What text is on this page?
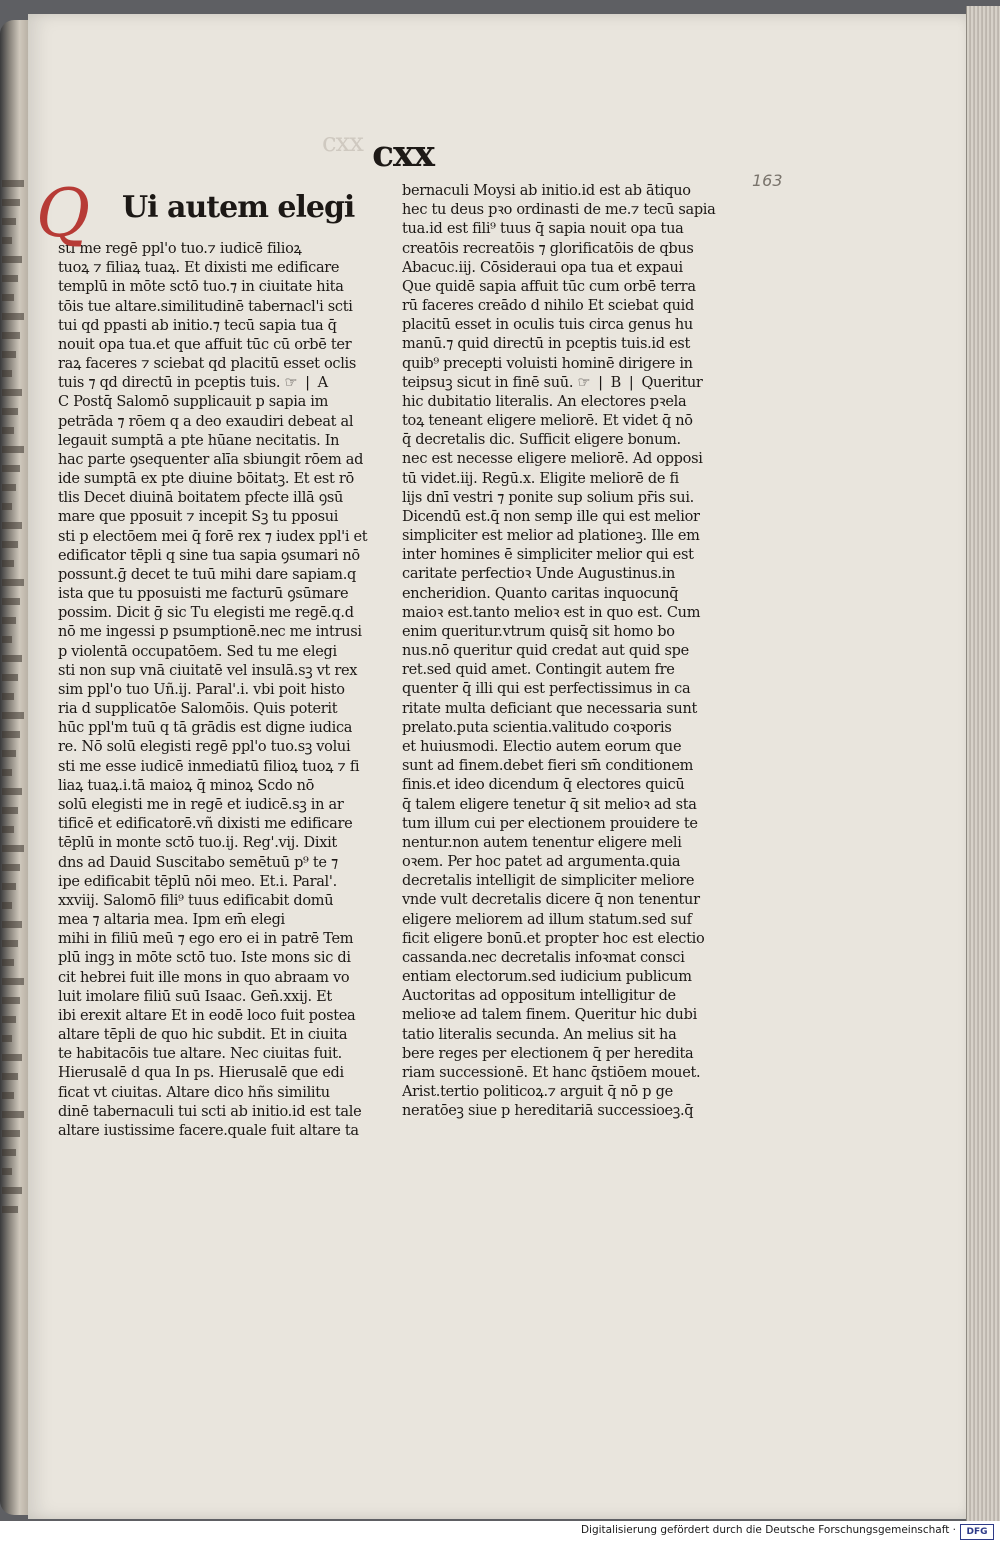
cxx cxx
163
Q	Ui autem elegi
sti me regē ppl'o tuo.⁊ iudicē filioꝝ
tuoꝝ ⁊ filiaꝝ tuaꝝ. Et dixisti me edificare
templū in mōte sctō tuo.⁊ in ciuitate hita
tōis tue altare.similitudinē tabernacl'i scti
tui qd ppasti ab initio.⁊ tecū sapia tua q̄
nouit opa tua.et que affuit tūc cū orbē ter
raꝝ faceres ⁊ sciebat qd placitū esset oclis
tuis ⁊ qd directū in pceptis tuis. ☞ ❘ A
C Postq̄ Salomō supplicauit p sapia im
petrāda ⁊ rōem q a deo exaudiri debeat al
legauit sumptā a pte hūane necitatis. In
hac parte ꝯsequenter alīa sbiungit rōem ad
ide sumptā ex pte diuine bōitatꝫ. Et est rō
tlis Decet diuinā boitatem pfecte illā ꝯsū
mare que pposuit ⁊ incepit Sꝫ tu pposui
sti p electōem mei q̄ forē rex ⁊ iudex ppl'i et
edificator tēpli q sine tua sapia ꝯsumari nō
possunt.ḡ decet te tuū mihi dare sapiam.q
ista que tu pposuisti me facturū ꝯsūmare
possim. Dicit ḡ sic Tu elegisti me regē.q.d
nō me ingessi p psumptionē.nec me intrusi
p violentā occupatōem. Sed tu me elegi
sti non sup vnā ciuitatē vel insulā.sꝫ vt rex
sim ppl'o tuo Uñ.ij. Paral'.i. vbi poit histo
ria d supplicatōe Salomōis. Quis poterit
hūc ppl'm tuū q tā grādis est digne iudica
re. Nō solū elegisti regē ppl'o tuo.sꝫ volui
sti me esse iudicē inmediatū filioꝝ tuoꝝ ⁊ fi
liaꝝ tuaꝝ.i.tā maioꝝ q̄ minoꝝ Scdo nō
solū elegisti me in regē et iudicē.sꝫ in ar
tificē et edificatorē.vñ dixisti me edificare
tēplū in monte sctō tuo.ij. Reg'.vij. Dixit
dns ad Dauid Suscitabo semētuū p⁹ te ⁊
ipe edificabit tēplū nōi meo. Et.i. Paral'.
xxviij. Salomō fili⁹ tuus edificabit domū
mea ⁊ altaria mea. Ipm em̄ elegi
mihi in filiū meū ⁊ ego ero ei in patrē Tem
plū ingꝫ in mōte sctō tuo. Iste mons sic di
cit hebrei fuit ille mons in quo abraam vo
luit imolare filiū suū Isaac. Gen̄.xxij. Et
ibi erexit altare Et in eodē loco fuit postea
altare tēpli de quo hic subdit. Et in ciuita
te habitacōis tue altare. Nec ciuitas fuit.
Hierusalē d qua In ps. Hierusalē que edi
ficat vt ciuitas. Altare dico hñs similitu
dinē tabernaculi tui scti ab initio.id est tale
altare iustissime facere.quale fuit altare ta
bernaculi Moysi ab initio.id est ab ātiquo
hec tu deus pꝛo ordinasti de me.⁊ tecū sapia
tua.id est fili⁹ tuus q̄ sapia nouit opa tua
creatōis recreatōis ⁊ glorificatōis de qbus
Abacuc.iij. Cōsideraui opa tua et expaui
Que quidē sapia affuit tūc cum orbē terra
rū faceres creādo d nihilo Et sciebat quid
placitū esset in oculis tuis circa genus hu
manū.⁊ quid directū in pceptis tuis.id est
quib⁹ precepti voluisti hominē dirigere in
teipsuꝫ sicut in finē suū. ☞ ❘ B ❘ Queritur
hic dubitatio literalis. An electores pꝛela
toꝝ teneant eligere meliorē. Et videt q̄ nō
q̄ decretalis dic. Sufficit eligere bonum.
nec est necesse eligere meliorē. Ad opposi
tū videt.iij. Regū.x. Eligite meliorē de fi
lijs dnī vestri ⁊ ponite sup solium pr̄is sui.
Dicendū est.q̄ non semp ille qui est melior
simpliciter est melior ad plationeꝫ. Ille em
inter homines ē simpliciter melior qui est
caritate perfectioꝛ Unde Augustinus.in
encheridion. Quanto caritas inquocunq̄
maioꝛ est.tanto melioꝛ est in quo est. Cum
enim queritur.vtrum quisq̄ sit homo bo
nus.nō queritur quid credat aut quid spe
ret.sed quid amet. Contingit autem fre
quenter q̄ illi qui est perfectissimus in ca
ritate multa deficiant que necessaria sunt
prelato.puta scientia.valitudo coꝛporis
et huiusmodi. Electio autem eorum que
sunt ad finem.debet fieri sm̄ conditionem
finis.et ideo dicendum q̄ electores quicū
q̄ talem eligere tenetur q̄ sit melioꝛ ad sta
tum illum cui per electionem prouidere te
nentur.non autem tenentur eligere meli
oꝛem. Per hoc patet ad argumenta.quia
decretalis intelligit de simpliciter meliore
vnde vult decretalis dicere q̄ non tenentur
eligere meliorem ad illum statum.sed suf
ficit eligere bonū.et propter hoc est electio
cassanda.nec decretalis infoꝛmat consci
entiam electorum.sed iudicium publicum
Auctoritas ad oppositum intelligitur de
melioꝛe ad talem finem. Queritur hic dubi
tatio literalis secunda. An melius sit ha
bere reges per electionem q̄ per heredita
riam successionē. Et hanc q̄stiōem mouet.
Arist.tertio politicoꝝ.⁊ arguit q̄ nō p ge
neratōeꝫ siue p hereditariā successioeꝫ.q̄
Digitalisierung gefördert durch die Deutsche Forschungsgemeinschaft ·	DFG
